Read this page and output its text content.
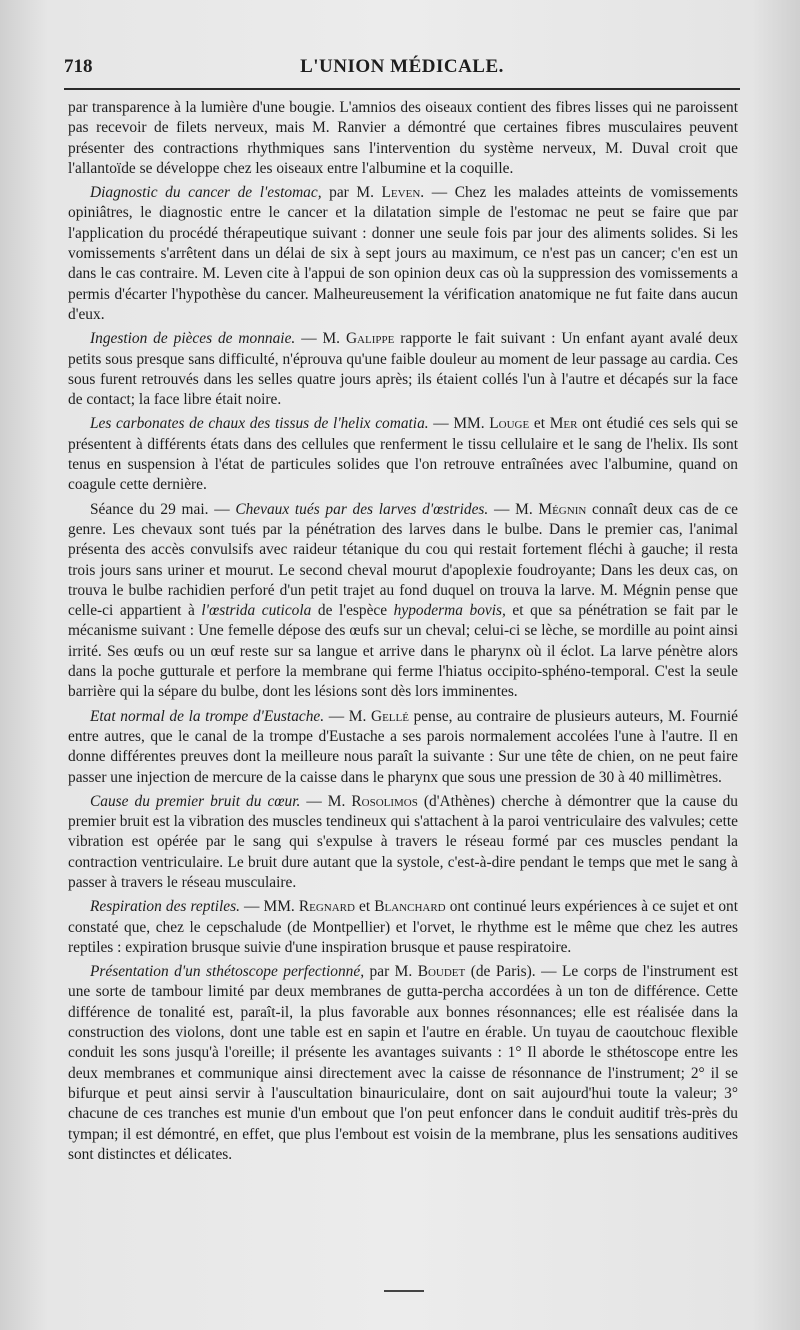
718	L'UNION MÉDICALE.

par transparence à la lumière d'une bougie. L'amnios des oiseaux contient des fibres lisses qui ne paroissent pas recevoir de filets nerveux, mais M. Ranvier a démontré que certaines fibres musculaires peuvent présenter des contractions rhythmiques sans l'intervention du système nerveux, M. Duval croit que l'allantoïde se développe chez les oiseaux entre l'albumine et la coquille.

Diagnostic du cancer de l'estomac, par M. Leven. — Chez les malades atteints de vomissements opiniâtres, le diagnostic entre le cancer et la dilatation simple de l'estomac ne peut se faire que par l'application du procédé thérapeutique suivant : donner une seule fois par jour des aliments solides. Si les vomissements s'arrêtent dans un délai de six à sept jours au maximum, ce n'est pas un cancer; c'en est un dans le cas contraire. M. Leven cite à l'appui de son opinion deux cas où la suppression des vomissements a permis d'écarter l'hypothèse du cancer. Malheureusement la vérification anatomique ne fut faite dans aucun d'eux.

Ingestion de pièces de monnaie. — M. Galippe rapporte le fait suivant : Un enfant ayant avalé deux petits sous presque sans difficulté, n'éprouva qu'une faible douleur au moment de leur passage au cardia. Ces sous furent retrouvés dans les selles quatre jours après; ils étaient collés l'un à l'autre et décapés sur la face de contact; la face libre était noire.

Les carbonates de chaux des tissus de l'helix comatia. — MM. Louge et Mer ont étudié ces sels qui se présentent à différents états dans des cellules que renferment le tissu cellulaire et le sang de l'helix. Ils sont tenus en suspension à l'état de particules solides que l'on retrouve entraînées avec l'albumine, quand on coagule cette dernière.

Séance du 29 mai. — Chevaux tués par des larves d'œstrides. — M. Mégnin connaît deux cas de ce genre. Les chevaux sont tués par la pénétration des larves dans le bulbe. Dans le premier cas, l'animal présenta des accès convulsifs avec raideur tétanique du cou qui restait fortement fléchi à gauche; il resta trois jours sans uriner et mourut. Le second cheval mourut d'apoplexie foudroyante; Dans les deux cas, on trouva le bulbe rachidien perforé d'un petit trajet au fond duquel on trouva la larve. M. Mégnin pense que celle-ci appartient à l'œstrida cuticola de l'espèce hypoderma bovis, et que sa pénétration se fait par le mécanisme suivant : Une femelle dépose des œufs sur un cheval; celui-ci se lèche, se mordille au point ainsi irrité. Ses œufs ou un œuf reste sur sa langue et arrive dans le pharynx où il éclot. La larve pénètre alors dans la poche gutturale et perfore la membrane qui ferme l'hiatus occipito-sphéno-temporal. C'est la seule barrière qui la sépare du bulbe, dont les lésions sont dès lors imminentes.

Etat normal de la trompe d'Eustache. — M. Gellé pense, au contraire de plusieurs auteurs, M. Fournié entre autres, que le canal de la trompe d'Eustache a ses parois normalement accolées l'une à l'autre. Il en donne différentes preuves dont la meilleure nous paraît la suivante : Sur une tête de chien, on ne peut faire passer une injection de mercure de la caisse dans le pharynx que sous une pression de 30 à 40 millimètres.

Cause du premier bruit du cœur. — M. Rosolimos (d'Athènes) cherche à démontrer que la cause du premier bruit est la vibration des muscles tendineux qui s'attachent à la paroi ventriculaire des valvules; cette vibration est opérée par le sang qui s'expulse à travers le réseau formé par ces muscles pendant la contraction ventriculaire. Le bruit dure autant que la systole, c'est-à-dire pendant le temps que met le sang à passer à travers le réseau musculaire.

Respiration des reptiles. — MM. Regnard et Blanchard ont continué leurs expériences à ce sujet et ont constaté que, chez le cepschalude (de Montpellier) et l'orvet, le rhythme est le même que chez les autres reptiles : expiration brusque suivie d'une inspiration brusque et pause respiratoire.

Présentation d'un sthétoscope perfectionné, par M. Boudet (de Paris). — Le corps de l'instrument est une sorte de tambour limité par deux membranes de gutta-percha accordées à un ton de différence. Cette différence de tonalité est, paraît-il, la plus favorable aux bonnes résonnances; elle est réalisée dans la construction des violons, dont une table est en sapin et l'autre en érable. Un tuyau de caoutchouc flexible conduit les sons jusqu'à l'oreille; il présente les avantages suivants : 1° Il aborde le sthétoscope entre les deux membranes et communique ainsi directement avec la caisse de résonnance de l'instrument; 2° il se bifurque et peut ainsi servir à l'auscultation binauriculaire, dont on sait aujourd'hui toute la valeur; 3° chacune de ces tranches est munie d'un embout que l'on peut enfoncer dans le conduit auditif très-près du tympan; il est démontré, en effet, que plus l'embout est voisin de la membrane, plus les sensations auditives sont distinctes et délicates.
